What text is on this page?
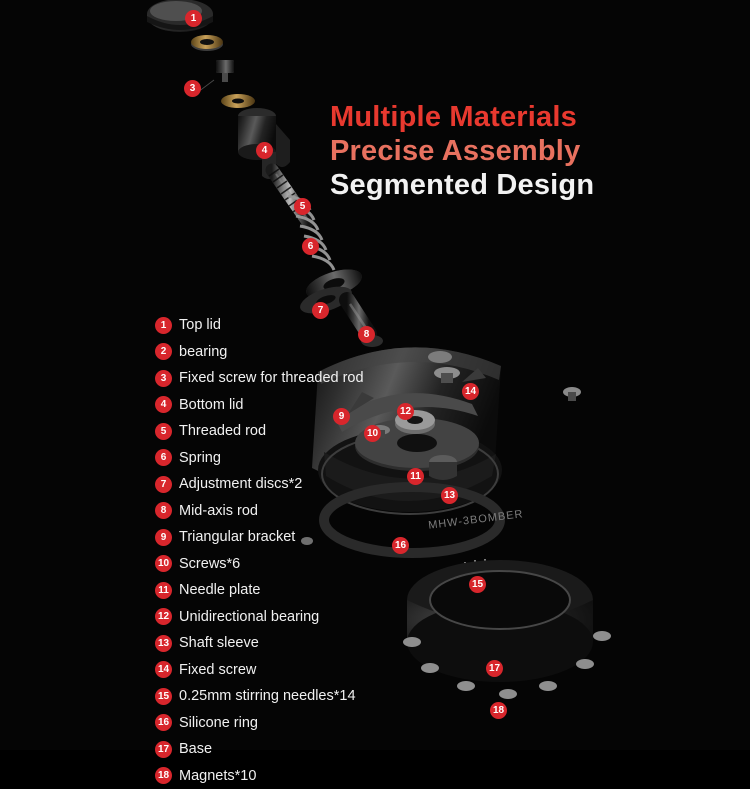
1
3
4
5
6
7
8
9
10
11
12
13
14
15
16
17
18
MHW-3BOMBER
Multiple Materials
Precise Assembly
Segmented Design
1 Top lid
2 bearing
3 Fixed screw for threaded rod
4 Bottom lid
5 Threaded rod
6 Spring
7 Adjustment discs*2
8 Mid-axis rod
9 Triangular bracket
10 Screws*6
11 Needle plate
12 Unidirectional bearing
13 Shaft sleeve
14 Fixed screw
15 0.25mm stirring needles*14
16 Silicone ring
17 Base
18 Magnets*10
